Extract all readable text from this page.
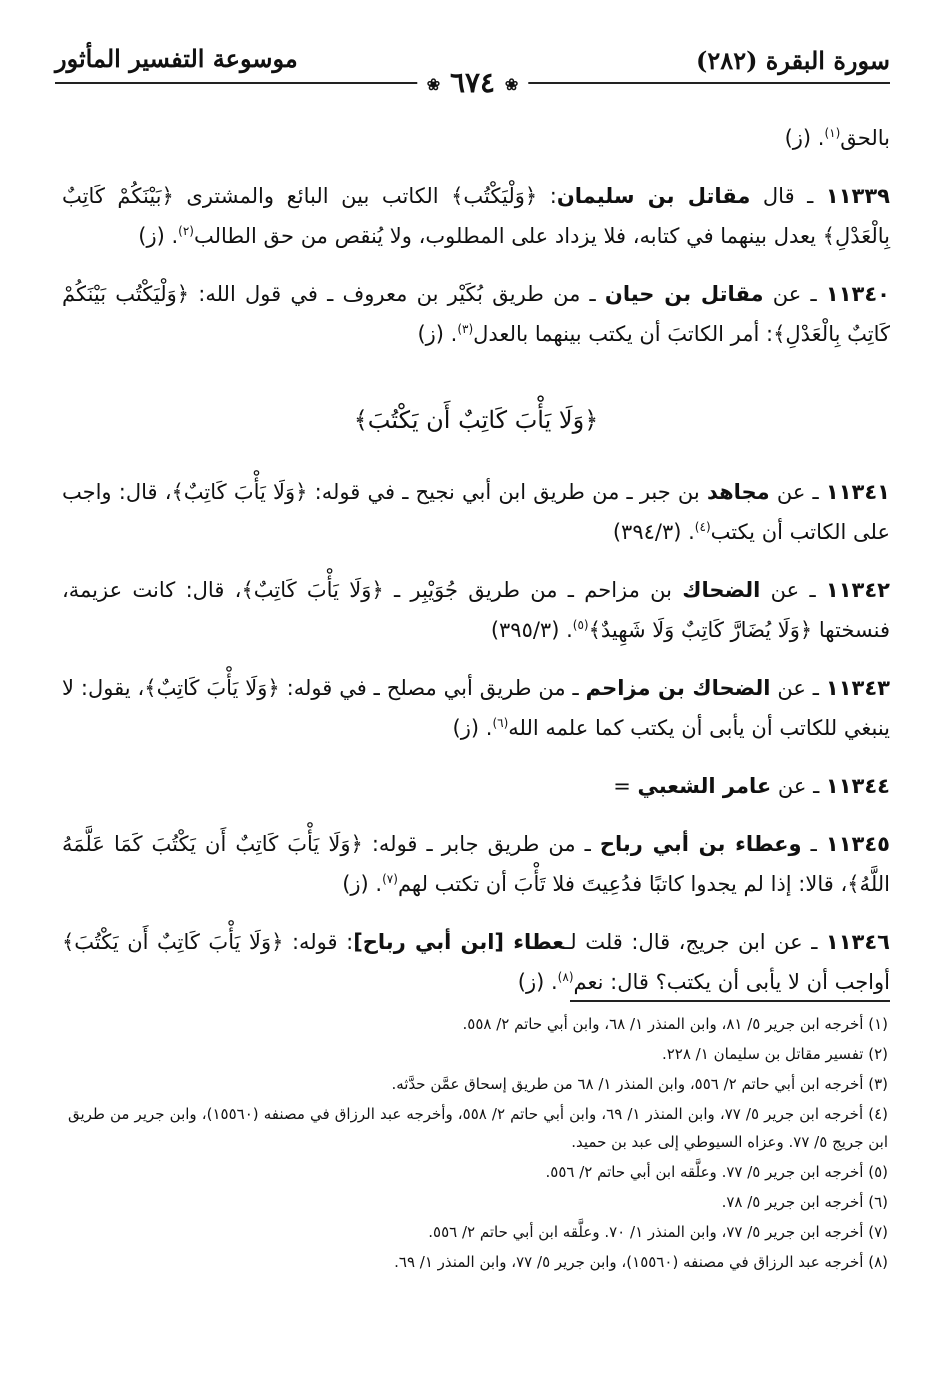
سورة البقرة (٢٨٢)
موسوعة التفسير المأثور
❀ ٦٧٤ ❀

بالحق$^{(١)}$. (ز)

١١٣٣٩ ـ قال مقاتل بن سليمان: ﴿وَلْيَكْتُب﴾ الكاتب بين البائع والمشترى ﴿بَيْنَكُمْ كَاتِبٌ بِالْعَدْلِ﴾ يعدل بينهما في كتابه، فلا يزداد على المطلوب، ولا يُنقص من حق الطالب$^{(٢)}$. (ز)

١١٣٤٠ ـ عن مقاتل بن حيان ـ من طريق بُكَيْر بن معروف ـ في قول الله: ﴿وَلْيَكْتُب بَيْنَكُمْ كَاتِبٌ بِالْعَدْلِ﴾: أمر الكاتبَ أن يكتب بينهما بالعدل$^{(٣)}$. (ز)

﴿وَلَا يَأْبَ كَاتِبٌ أَن يَكْتُبَ﴾

١١٣٤١ ـ عن مجاهد بن جبر ـ من طريق ابن أبي نجيح ـ في قوله: ﴿وَلَا يَأْبَ كَاتِبٌ﴾، قال: واجب على الكاتب أن يكتب$^{(٤)}$. (٣٩٤/٣)

١١٣٤٢ ـ عن الضحاك بن مزاحم ـ من طريق جُوَيْبِر ـ ﴿وَلَا يَأْبَ كَاتِبٌ﴾، قال: كانت عزيمة، فنسختها ﴿وَلَا يُضَارَّ كَاتِبٌ وَلَا شَهِيدٌ﴾$^{(٥)}$. (٣٩٥/٣)

١١٣٤٣ ـ عن الضحاك بن مزاحم ـ من طريق أبي مصلح ـ في قوله: ﴿وَلَا يَأْبَ كَاتِبٌ﴾، يقول: لا ينبغي للكاتب أن يأبى أن يكتب كما علمه الله$^{(٦)}$. (ز)

١١٣٤٤ ـ عن عامر الشعبي =

١١٣٤٥ ـ وعطاء بن أبي رباح ـ من طريق جابر ـ قوله: ﴿وَلَا يَأْبَ كَاتِبٌ أَن يَكْتُبَ كَمَا عَلَّمَهُ اللَّهُ﴾، قالا: إذا لم يجدوا كاتبًا فدُعِيتَ فلا تَأْبَ أن تكتب لهم$^{(٧)}$. (ز)

١١٣٤٦ ـ عن ابن جريج، قال: قلت لـعطاء [ابن أبي رباح]: قوله: ﴿وَلَا يَأْبَ كَاتِبٌ أَن يَكْتُبَ﴾ أواجب أن لا يأبى أن يكتب؟ قال: نعم$^{(٨)}$. (ز)

(١) أخرجه ابن جرير ٥/ ٨١، وابن المنذر ١/ ٦٨، وابن أبي حاتم ٢/ ٥٥٨.

(٢) تفسير مقاتل بن سليمان ١/ ٢٢٨.

(٣) أخرجه ابن أبي حاتم ٢/ ٥٥٦، وابن المنذر ١/ ٦٨ من طريق إسحاق عمَّن حدَّثه.

(٤) أخرجه ابن جرير ٥/ ٧٧، وابن المنذر ١/ ٦٩، وابن أبي حاتم ٢/ ٥٥٨، وأخرجه عبد الرزاق في مصنفه (١٥٥٦٠)، وابن جرير من طريق ابن جريج ٥/ ٧٧. وعزاه السيوطي إلى عبد بن حميد.

(٥) أخرجه ابن جرير ٥/ ٧٧. وعلَّقه ابن أبي حاتم ٢/ ٥٥٦.

(٦) أخرجه ابن جرير ٥/ ٧٨.

(٧) أخرجه ابن جرير ٥/ ٧٧، وابن المنذر ١/ ٧٠. وعلَّقه ابن أبي حاتم ٢/ ٥٥٦.

(٨) أخرجه عبد الرزاق في مصنفه (١٥٥٦٠)، وابن جرير ٥/ ٧٧، وابن المنذر ١/ ٦٩.
